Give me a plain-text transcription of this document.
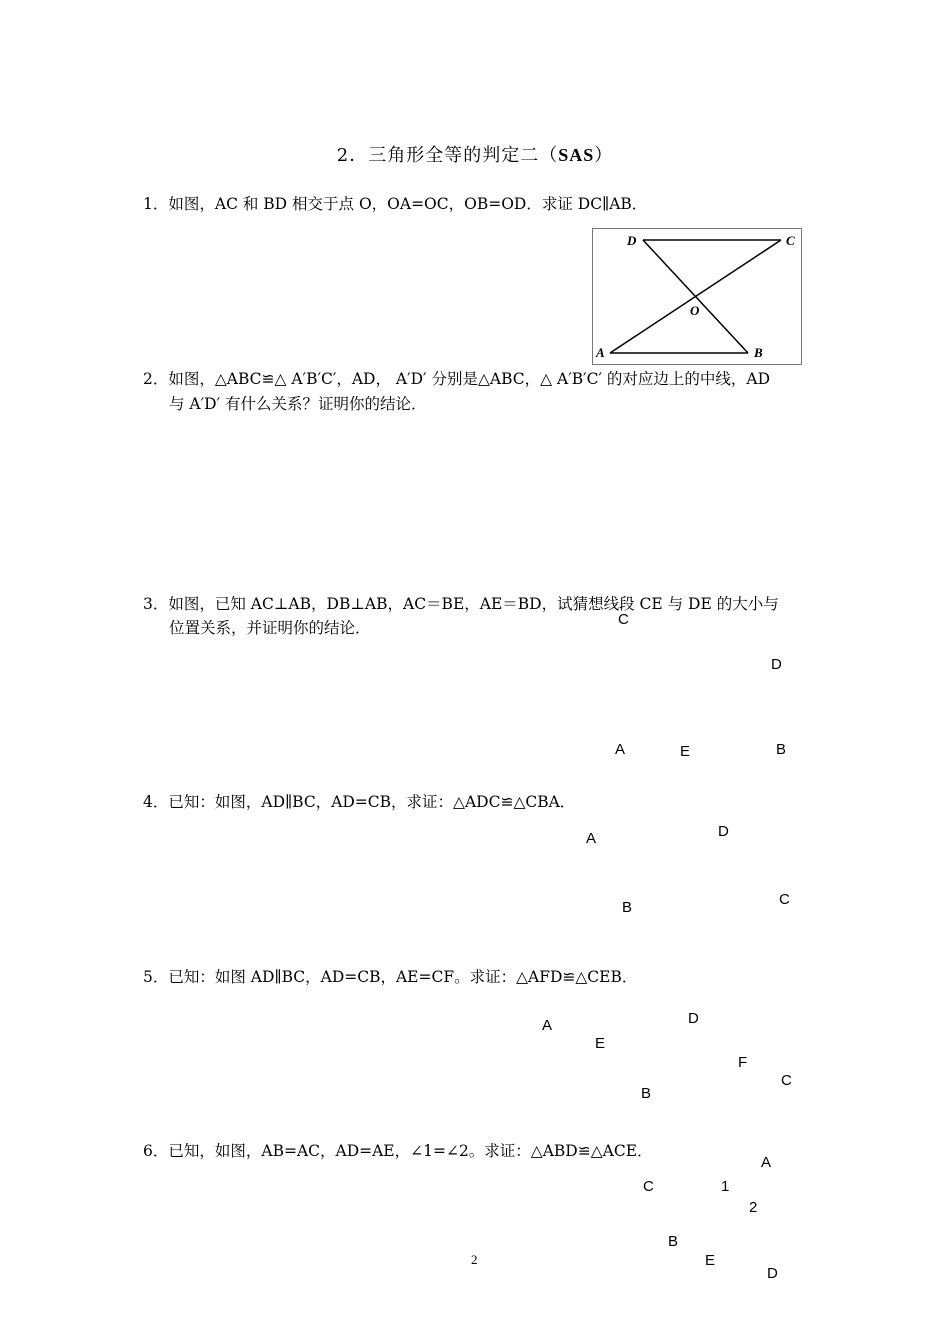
2．三角形全等的判定二（SAS）
1．如图，AC 和 BD 相交于点 O，OA=OC，OB=OD．求证 DC∥AB．
D	C
O
A	B
2．如图，△ABC≌△ A′B′C′，AD， A′D′ 分别是△ABC，△ A′B′C′ 的对应边上的中线，AD
与 A′D′ 有什么关系？证明你的结论．
3．如图，已知 AC⊥AB，DB⊥AB，AC＝BE，AE＝BD，试猜想线段 CE 与 DE 的大小与
位置关系，并证明你的结论．	C
D
A	E	B
4．已知：如图，AD∥BC，AD=CB，求证：△ADC≌△CBA．
A	D
B	C
5．已知：如图 AD∥BC，AD=CB，AE=CF。求证：△AFD≌△CEB．
A	D
E
F
C
B
6．已知，如图，AB=AC，AD=AE，∠1=∠2。求证：△ABD≌△ACE．
A
C	1
2
B
E
D
2
